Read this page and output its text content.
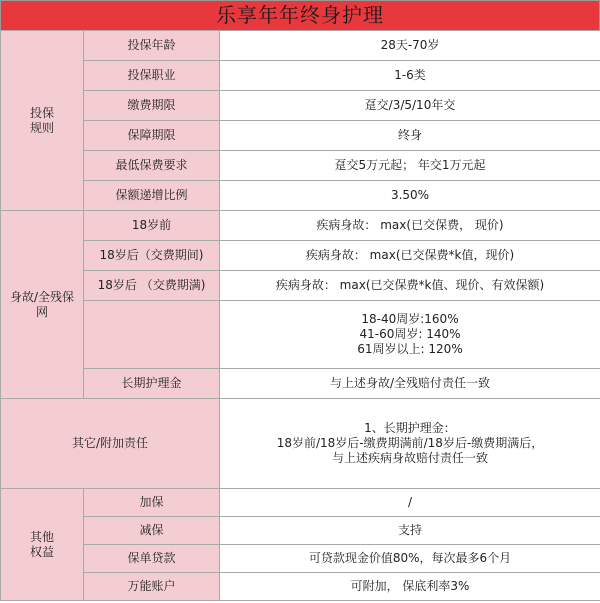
乐享年年终身护理
投保
规则	投保年龄	28天-70岁
	投保职业	1-6类
	缴费期限	趸交/3/5/10年交
	保障期限	终身
	最低保费要求	趸交5万元起； 年交1万元起
	保额递增比例	3.50%

身故/全残保
网	18岁前	疾病身故： max(已交保费， 现价)
	18岁后（交费期间)	疾病身故： max(已交保费*k值，现价)
	18岁后 （交费期满)	疾病身故： max(已交保费*k值、现价、有效保额)

		18-40周岁:160%
41-60周岁: 140%
61周岁以上: 120%

	长期护理金	与上述身故/全残赔付责任一致
其它/附加责任		1、长期护理金：
18岁前/18岁后-缴费期满前/18岁后-缴费期满后，
与上述疾病身故赔付责任一致

其他
权益	加保	/
	减保	支持
	保单贷款	可贷款现金价值80%，每次最多6个月
	万能账户	可附加， 保底利率3%
